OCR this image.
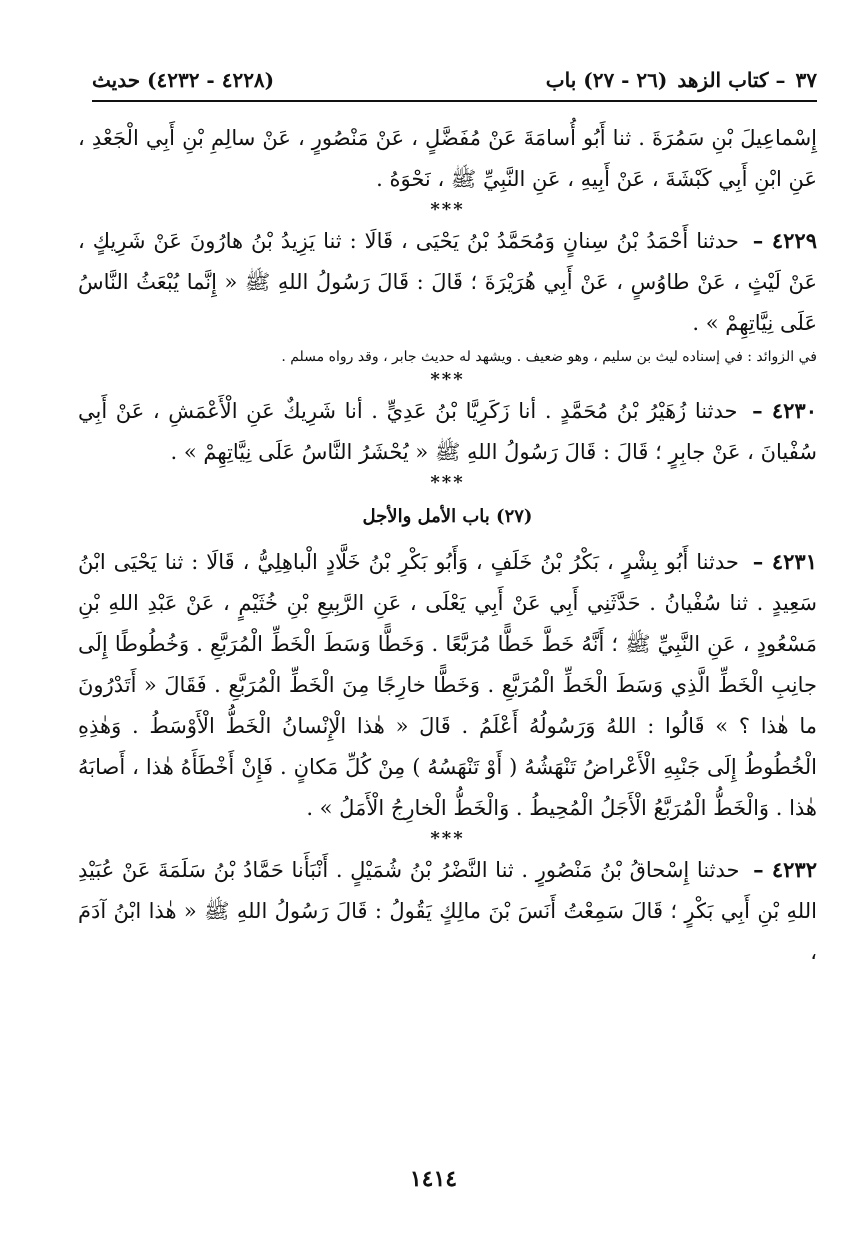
٣٧
– كتاب الزهد
(٢٦ - ٢٧) باب
(٤٢٢٨ - ٤٢٣٢) حديث

إِسْماعِيلَ بْنِ سَمُرَةَ . ثنا أَبُو أُسامَةَ عَنْ مُفَضَّلٍ ، عَنْ مَنْصُورٍ ، عَنْ سالِمِ بْنِ أَبِي الْجَعْدِ ، عَنِ ابْنِ أَبِي كَبْشَةَ ، عَنْ أَبِيهِ ، عَنِ النَّبِيِّ ﷺ ، نَحْوَهُ .

***

٤٢٢٩ – حدثنا أَحْمَدُ بْنُ سِنانٍ وَمُحَمَّدُ بْنُ يَحْيَى ، قَالَا : ثنا يَزِيدُ بْنُ هارُونَ عَنْ شَرِيكٍ ، عَنْ لَيْثٍ ، عَنْ طاوُسٍ ، عَنْ أَبِي هُرَيْرَةَ ؛ قَالَ : قَالَ رَسُولُ اللهِ ﷺ « إِنَّما يُبْعَثُ النَّاسُ عَلَى نِيَّاتِهِمْ » .

في الزوائد : في إسناده ليث بن سليم ، وهو ضعيف . ويشهد له حديث جابر ، وقد رواه مسلم .

***

٤٢٣٠ – حدثنا زُهَيْرُ بْنُ مُحَمَّدٍ . أنا زَكَرِيَّا بْنُ عَدِيٍّ . أنا شَرِيكٌ عَنِ الْأَعْمَشِ ، عَنْ أَبِي سُفْيانَ ، عَنْ جابِرٍ ؛ قَالَ : قَالَ رَسُولُ اللهِ ﷺ « يُحْشَرُ النَّاسُ عَلَى نِيَّاتِهِمْ » .

***
(٢٧) باب الأمل والأجل

٤٢٣١ – حدثنا أَبُو بِشْرٍ ، بَكْرُ بْنُ خَلَفٍ ، وَأَبُو بَكْرِ بْنُ خَلَّادٍ الْباهِلِيُّ ، قَالَا : ثنا يَحْيَى ابْنُ سَعِيدٍ . ثنا سُفْيانُ . حَدَّثَنِي أَبِي عَنْ أَبِي يَعْلَى ، عَنِ الرَّبِيعِ بْنِ خُثَيْمٍ ، عَنْ عَبْدِ اللهِ بْنِ مَسْعُودٍ ، عَنِ النَّبِيِّ ﷺ ؛ أَنَّهُ خَطَّ خَطًّا مُرَبَّعًا . وَخَطًّا وَسَطَ الْخَطِّ الْمُرَبَّعِ . وَخُطُوطًا إِلَى جانِبِ الْخَطِّ الَّذِي وَسَطَ الْخَطِّ الْمُرَبَّعِ . وَخَطًّا خارِجًا مِنَ الْخَطِّ الْمُرَبَّعِ . فَقَالَ « أَتَدْرُونَ ما هٰذا ؟ » قَالُوا : اللهُ وَرَسُولُهُ أَعْلَمُ . قَالَ « هٰذا الْإِنْسانُ الْخَطُّ الْأَوْسَطُ . وَهٰذِهِ الْخُطُوطُ إِلَى جَنْبِهِ الْأَعْراضُ تَنْهَشُهُ ( أَوْ تَنْهَسُهُ ) مِنْ كُلِّ مَكانٍ . فَإِنْ أَخْطَأَهُ هٰذا ، أَصابَهُ هٰذا . وَالْخَطُّ الْمُرَبَّعُ الْأَجَلُ الْمُحِيطُ . وَالْخَطُّ الْخارِجُ الْأَمَلُ » .

***

٤٢٣٢ – حدثنا إِسْحاقُ بْنُ مَنْصُورٍ . ثنا النَّضْرُ بْنُ شُمَيْلٍ . أَنْبَأَنا حَمَّادُ بْنُ سَلَمَةَ عَنْ عُبَيْدِ اللهِ بْنِ أَبِي بَكْرٍ ؛ قَالَ سَمِعْتُ أَنَسَ بْنَ مالِكٍ يَقُولُ : قَالَ رَسُولُ اللهِ ﷺ « هٰذا ابْنُ آدَمَ ،

١٤١٤
